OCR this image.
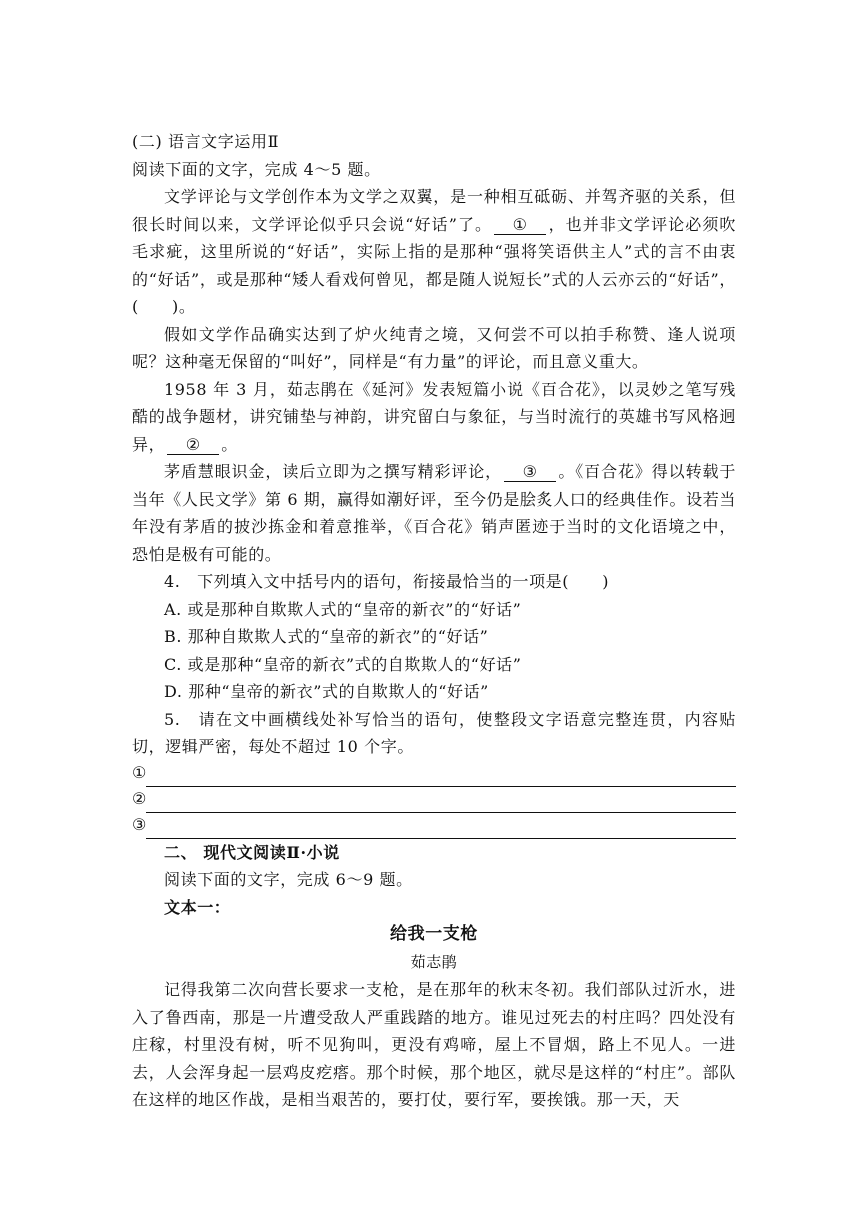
(二) 语言文字运用Ⅱ

阅读下面的文字，完成 4～5 题。

文学评论与文学创作本为文学之双翼，是一种相互砥砺、并驾齐驱的关系，但很长时间以来，文学评论似乎只会说“好话”了。 ① ，也并非文学评论必须吹毛求疵，这里所说的“好话”，实际上指的是那种“强将笑语供主人”式的言不由衷的“好话”，或是那种“矮人看戏何曾见，都是随人说短长”式的人云亦云的“好话”，(　　)。

假如文学作品确实达到了炉火纯青之境，又何尝不可以拍手称赞、逢人说项呢？这种毫无保留的“叫好”，同样是“有力量”的评论，而且意义重大。

1958 年 3 月，茹志鹃在《延河》发表短篇小说《百合花》，以灵妙之笔写残酷的战争题材，讲究铺垫与神韵，讲究留白与象征，与当时流行的英雄书写风格迥异， ② 。

茅盾慧眼识金，读后立即为之撰写精彩评论， ③ 。《百合花》得以转载于当年《人民文学》第 6 期，赢得如潮好评，至今仍是脍炙人口的经典佳作。设若当年没有茅盾的披沙拣金和着意推举，《百合花》销声匿迹于当时的文化语境之中，恐怕是极有可能的。

4.　下列填入文中括号内的语句，衔接最恰当的一项是(　　)

A. 或是那种自欺欺人式的“皇帝的新衣”的“好话”

B. 那种自欺欺人式的“皇帝的新衣”的“好话”

C. 或是那种“皇帝的新衣”式的自欺欺人的“好话”

D. 那种“皇帝的新衣”式的自欺欺人的“好话”

5.　请在文中画横线处补写恰当的语句，使整段文字语意完整连贯，内容贴切，逻辑严密，每处不超过 10 个字。

①
②
③

二、 现代文阅读Ⅱ·小说

阅读下面的文字，完成 6～9 题。

文本一：

给我一支枪

茹志鹃

记得我第二次向营长要求一支枪，是在那年的秋末冬初。我们部队过沂水，进入了鲁西南，那是一片遭受敌人严重践踏的地方。谁见过死去的村庄吗？四处没有庄稼，村里没有树，听不见狗叫，更没有鸡啼，屋上不冒烟，路上不见人。一进去，人会浑身起一层鸡皮疙瘩。那个时候，那个地区，就尽是这样的“村庄”。部队在这样的地区作战，是相当艰苦的，要打仗，要行军，要挨饿。那一天，天
